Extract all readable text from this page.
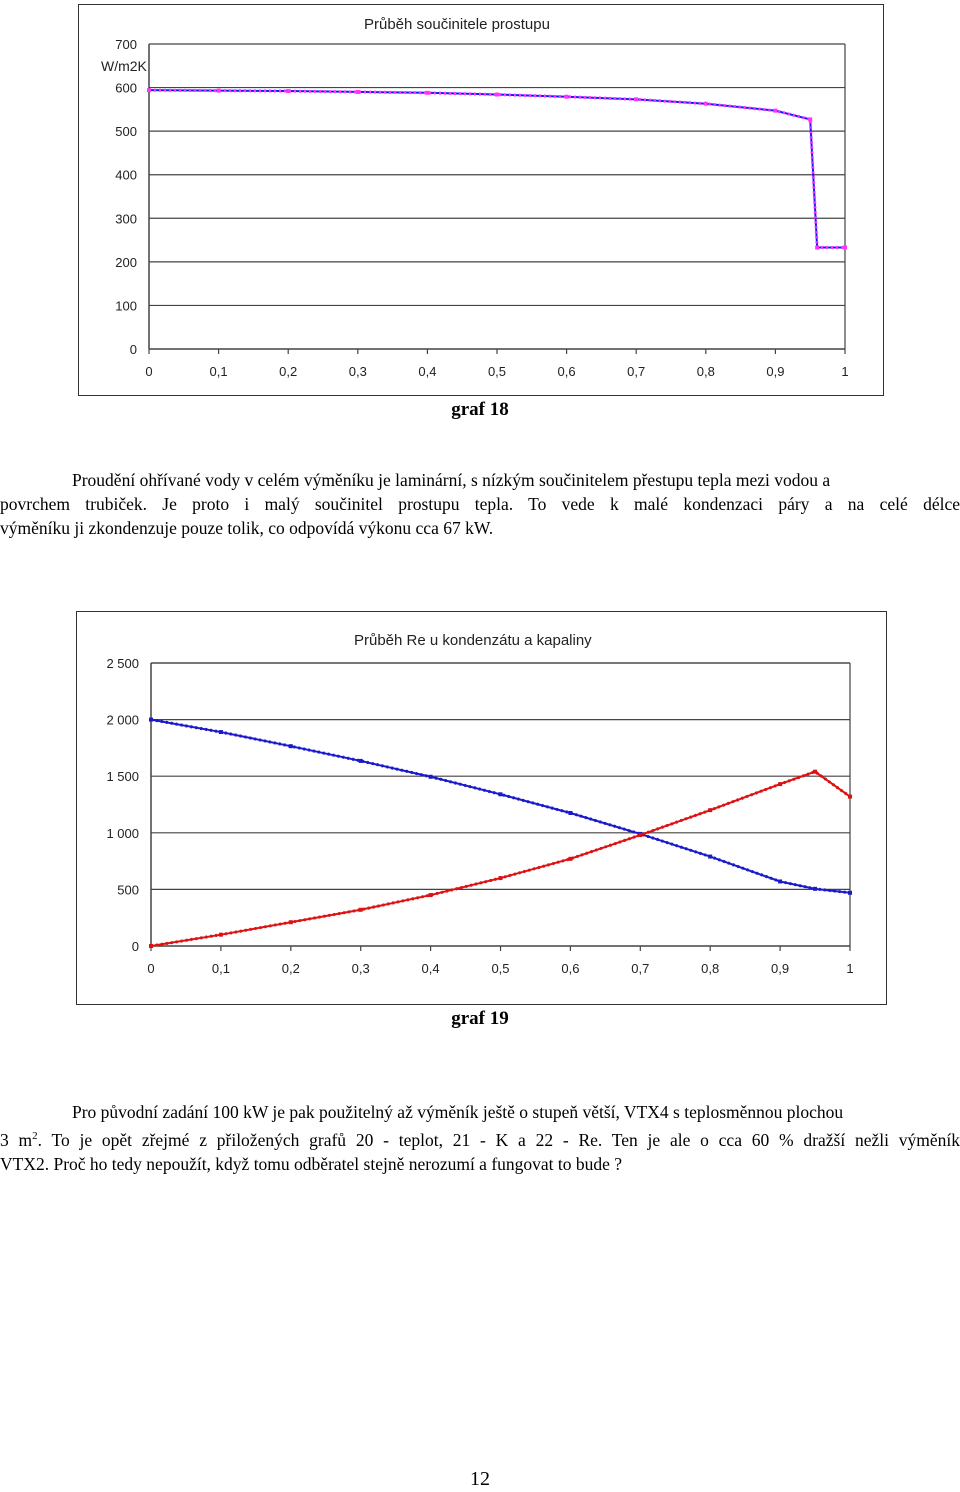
0
100
200
300
400
500
600
700
0	0,1	0,2	0,3	0,4	0,5	0,6	0,7	0,8	0,9	1
Průběh součinitele prostupu
W/m2K
graf 18
Proudění ohřívané vody v celém výměníku je laminární, s nízkým součinitelem přestupu tepla mezi vodou a
povrchem trubiček. Je proto i malý součinitel prostupu tepla. To vede k malé kondenzaci páry a na celé délce
výměníku ji zkondenzuje pouze tolik, co odpovídá výkonu cca 67 kW.
0
500
1 000
1 500
2 000
2 500
0	0,1	0,2	0,3	0,4	0,5	0,6	0,7	0,8	0,9	1
Průběh Re u kondenzátu a kapaliny
graf 19
Pro původní zadání 100 kW je pak použitelný až výměník ještě o stupeň větší, VTX4 s teplosměnnou plochou
3 $m^2$. To je opět zřejmé z přiložených grafů 20 - teplot, 21 - K a 22 - Re. Ten je ale o cca 60 % dražší nežli výměník
VTX2. Proč ho tedy nepoužít, když tomu odběratel stejně nerozumí a fungovat to bude ?
12
